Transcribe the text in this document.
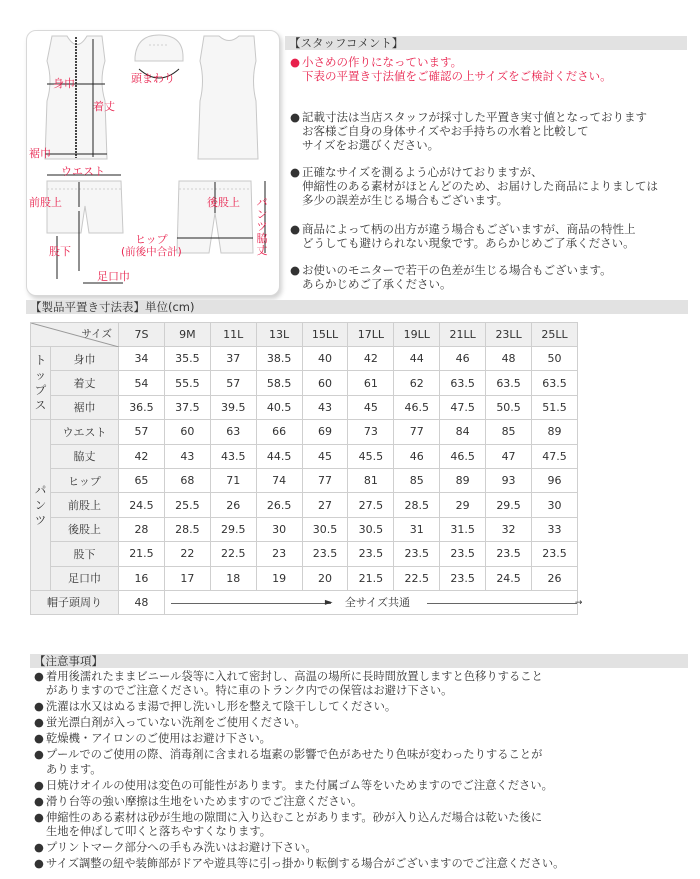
身巾	頭まわり
着丈
裾巾
ウエスト
前股上	後股上 パンツ脇丈
股下
ヒップ
(前後中合計)
足口巾
【スタッフコメント】
● 小さめの作りになっています。
下表の平置き寸法値をご確認の上サイズをご検討ください。
● 記載寸法は当店スタッフが採寸した平置き実寸値となっております
お客様ご自身の身体サイズやお手持ちの水着と比較して
サイズをお選びください。
● 正確なサイズを測るよう心がけておりますが、
伸縮性のある素材がほとんどのため、お届けした商品によりましては
多少の誤差が生じる場合もございます。
● 商品によって柄の出方が違う場合もございますが、商品の特性上
どうしても避けられない現象です。あらかじめご了承ください。
● お使いのモニターで若干の色差が生じる場合もございます。
あらかじめご了承ください。
【製品平置き寸法表】単位(cm)
サイズ		7S	9M	11L	13L	15LL	17LL	19LL	21LL	23LL	25LL
トップス	身巾	34	35.5	37	38.5	40	42	44	46	48	50
	着丈	54	55.5	57	58.5	60	61	62	63.5	63.5	63.5
	裾巾	36.5	37.5	39.5	40.5	43	45	46.5	47.5	50.5	51.5
パンツ	ウエスト	57	60	63	66	69	73	77	84	85	89
	脇丈	42	43	43.5	44.5	45	45.5	46	46.5	47	47.5
	ヒップ	65	68	71	74	77	81	85	89	93	96
	前股上	24.5	25.5	26	26.5	27	27.5	28.5	29	29.5	30
	後股上	28	28.5	29.5	30	30.5	30.5	31	31.5	32	33
	股下	21.5	22	22.5	23	23.5	23.5	23.5	23.5	23.5	23.5
	足口巾	16	17	18	19	20	21.5	22.5	23.5	24.5	26
帽子頭周り		48	► 全サイズ共通 →								
【注意事項】
● 着用後濡れたままビニール袋等に入れて密封し、高温の場所に長時間放置しますと色移りすること
がありますのでご注意ください。特に車のトランク内での保管はお避け下さい。
● 洗濯は水又はぬるま湯で押し洗いし形を整えて陰干ししてください。
● 蛍光漂白剤が入っていない洗剤をご使用ください。
● 乾燥機・アイロンのご使用はお避け下さい。
● プールでのご使用の際、消毒剤に含まれる塩素の影響で色があせたり色味が変わったりすることが
あります。
● 日焼けオイルの使用は変色の可能性があります。また付属ゴム等をいためますのでご注意ください。
● 滑り台等の強い摩擦は生地をいためますのでご注意ください。
● 伸縮性のある素材は砂が生地の隙間に入り込むことがあります。砂が入り込んだ場合は乾いた後に
生地を伸ばして叩くと落ちやすくなります。
● プリントマーク部分への手もみ洗いはお避け下さい。
● サイズ調整の紐や装飾部がドアや遊具等に引っ掛かり転倒する場合がございますのでご注意ください。
